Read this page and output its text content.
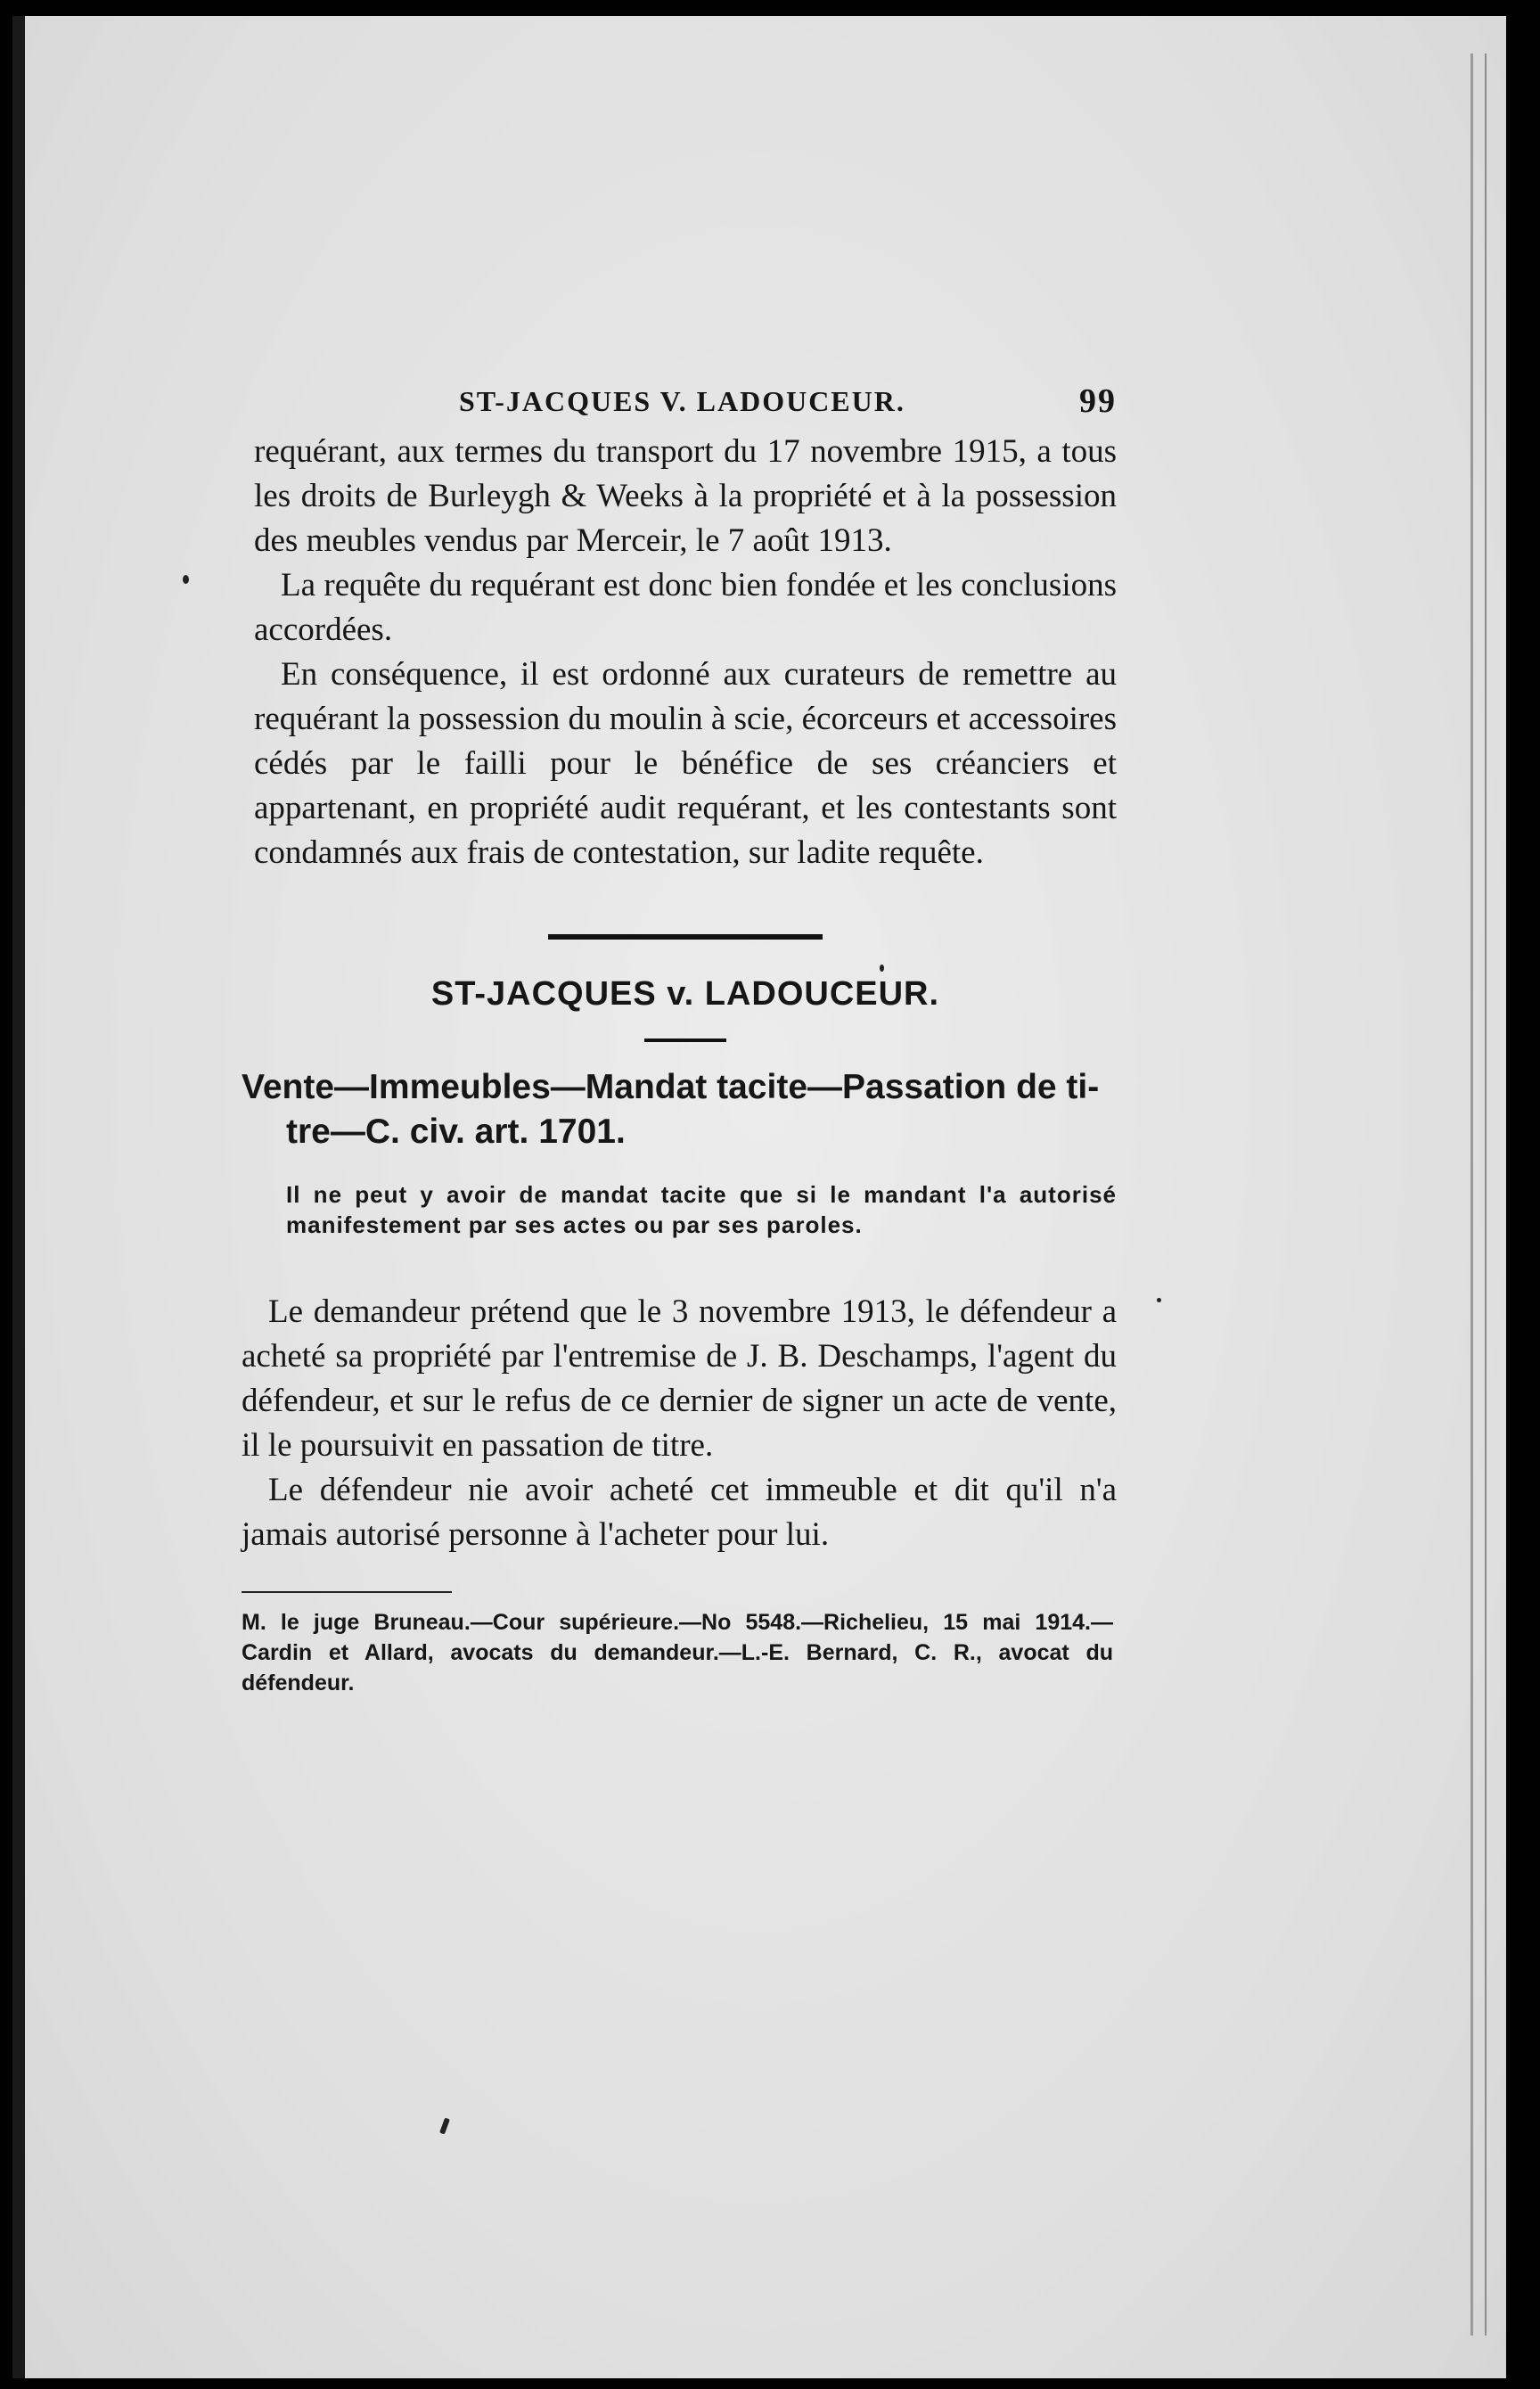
ST-JACQUES V. LADOUCEUR.	99

requérant, aux termes du transport du 17 novembre 1915, a tous les droits de Burleygh & Weeks à la propriété et à la possession des meubles vendus par Merceir, le 7 août 1913.

La requête du requérant est donc bien fondée et les conclusions accordées.

En conséquence, il est ordonné aux curateurs de remettre au requérant la possession du moulin à scie, écorceurs et accessoires cédés par le failli pour le bénéfice de ses créanciers et appartenant, en propriété audit requérant, et les contestants sont condamnés aux frais de contestation, sur ladite requête.

ST-JACQUES v. LADOUCEUR.
Vente—Immeubles—Mandat tacite—Passation de ti-
tre—C. civ. art. 1701.

Il ne peut y avoir de mandat tacite que si le mandant l'a autorisé manifestement par ses actes ou par ses paroles.

Le demandeur prétend que le 3 novembre 1913, le défendeur a acheté sa propriété par l'entremise de J. B. Deschamps, l'agent du défendeur, et sur le refus de ce dernier de signer un acte de vente, il le poursuivit en passation de titre.

Le défendeur nie avoir acheté cet immeuble et dit qu'il n'a jamais autorisé personne à l'acheter pour lui.

M. le juge Bruneau.—Cour supérieure.—No 5548.—Richelieu, 15 mai 1914.—Cardin et Allard, avocats du demandeur.—L.-E. Bernard, C. R., avocat du défendeur.
